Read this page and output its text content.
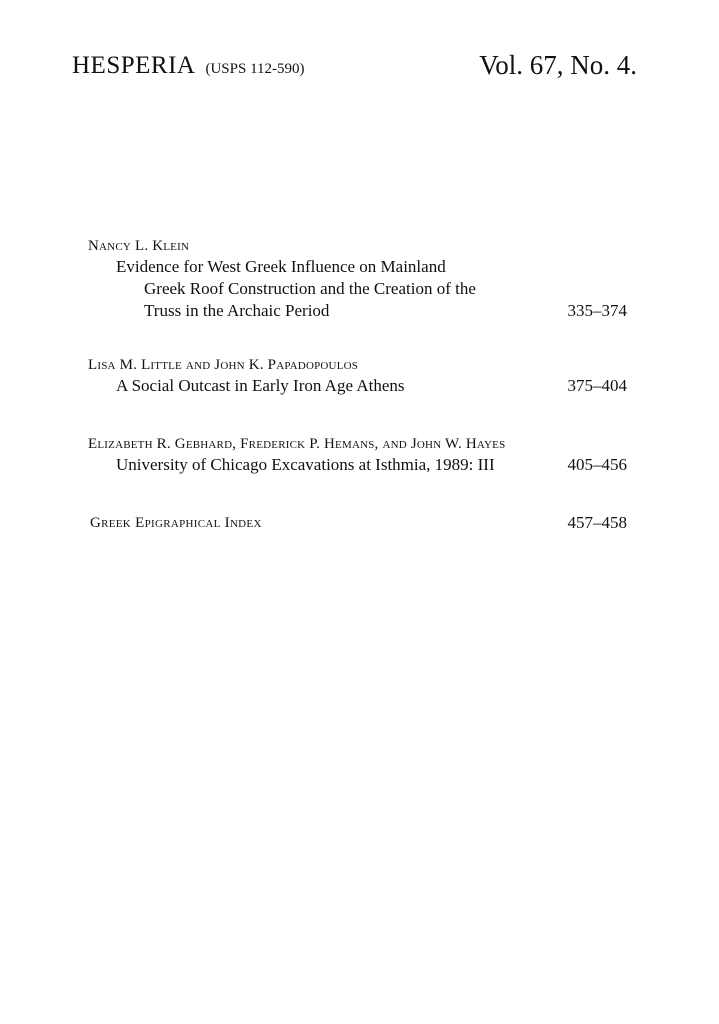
HESPERIA (USPS 112-590)	Vol. 67, No. 4.
Nancy L. Klein
Evidence for West Greek Influence on Mainland
Greek Roof Construction and the Creation of the
Truss in the Archaic Period	335–374
Lisa M. Little and John K. Papadopoulos
A Social Outcast in Early Iron Age Athens	375–404
Elizabeth R. Gebhard, Frederick P. Hemans, and John W. Hayes
University of Chicago Excavations at Isthmia, 1989: III	405–456
Greek Epigraphical Index	457–458
